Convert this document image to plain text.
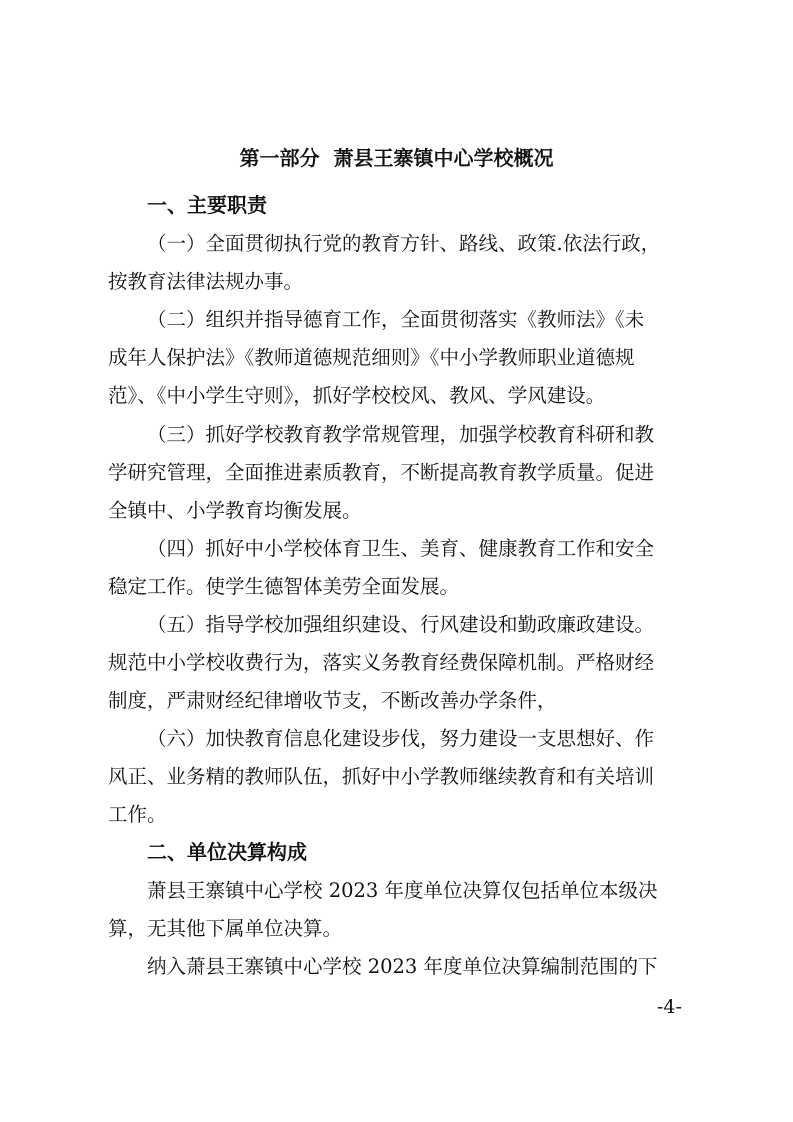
第一部分  萧县王寨镇中心学校概况
一、主要职责
（一）全面贯彻执行党的教育方针、路线、政策.依法行政，
按教育法律法规办事。
（二）组织并指导德育工作，全面贯彻落实《教师法》《未
成年人保护法》《教师道德规范细则》《中小学教师职业道德规
范》、《中小学生守则》，抓好学校校风、教风、学风建设。
（三）抓好学校教育教学常规管理，加强学校教育科研和教
学研究管理，全面推进素质教育，不断提高教育教学质量。促进
全镇中、小学教育均衡发展。
（四）抓好中小学校体育卫生、美育、健康教育工作和安全
稳定工作。使学生德智体美劳全面发展。
（五）指导学校加强组织建设、行风建设和勤政廉政建设。
规范中小学校收费行为，落实义务教育经费保障机制。严格财经
制度，严肃财经纪律增收节支，不断改善办学条件，
（六）加快教育信息化建设步伐，努力建设一支思想好、作
风正、业务精的教师队伍，抓好中小学教师继续教育和有关培训
工作。
二、单位决算构成
萧县王寨镇中心学校 2023 年度单位决算仅包括单位本级决
算，无其他下属单位决算。
纳入萧县王寨镇中心学校 2023 年度单位决算编制范围的下
-4-
